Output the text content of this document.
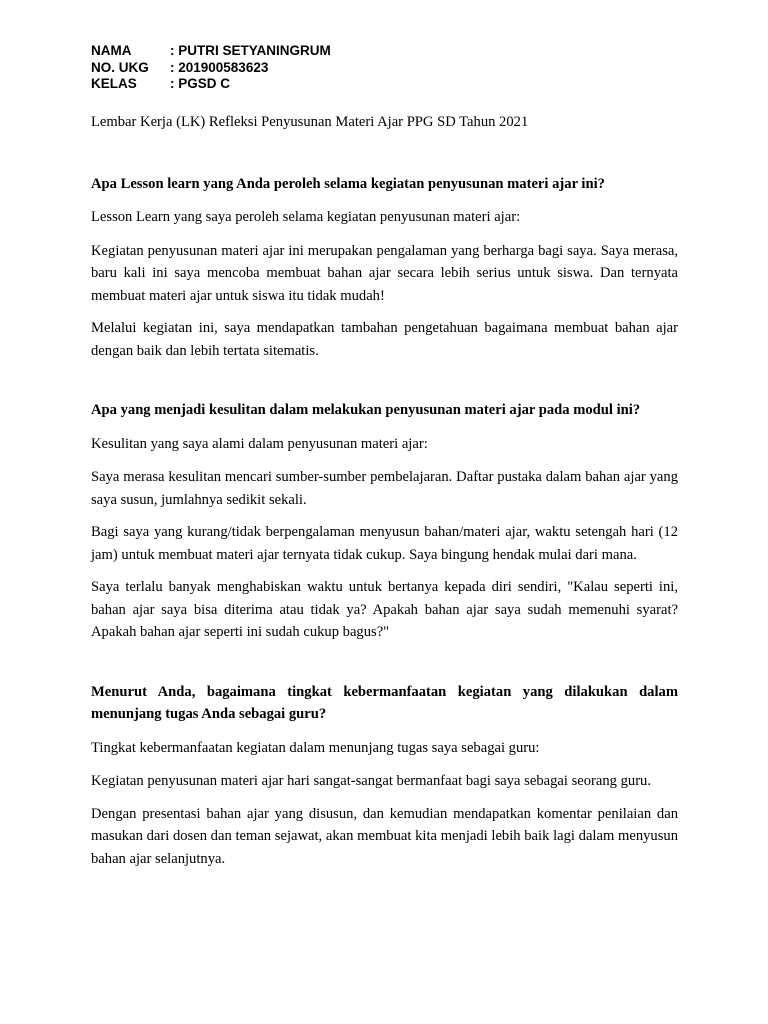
NAMA	: PUTRI SETYANINGRUM
NO. UKG	: 201900583623
KELAS	: PGSD C

Lembar Kerja (LK) Refleksi Penyusunan Materi Ajar PPG SD Tahun 2021

Apa Lesson learn yang Anda peroleh selama kegiatan penyusunan materi ajar ini?

Lesson Learn yang saya peroleh selama kegiatan penyusunan materi ajar:

Kegiatan penyusunan materi ajar ini merupakan pengalaman yang berharga bagi saya. Saya merasa, baru kali ini saya mencoba membuat bahan ajar secara lebih serius untuk siswa. Dan ternyata membuat materi ajar untuk siswa itu tidak mudah!

Melalui kegiatan ini, saya mendapatkan tambahan pengetahuan bagaimana membuat bahan ajar dengan baik dan lebih tertata sitematis.

Apa yang menjadi kesulitan dalam melakukan penyusunan materi ajar pada modul ini?

Kesulitan yang saya alami dalam penyusunan materi ajar:

Saya merasa kesulitan mencari sumber-sumber pembelajaran. Daftar pustaka dalam bahan ajar yang saya susun, jumlahnya sedikit sekali.

Bagi saya yang kurang/tidak berpengalaman menyusun bahan/materi ajar, waktu setengah hari (12 jam) untuk membuat materi ajar ternyata tidak cukup. Saya bingung hendak mulai dari mana.

Saya terlalu banyak menghabiskan waktu untuk bertanya kepada diri sendiri, "Kalau seperti ini, bahan ajar saya bisa diterima atau tidak ya? Apakah bahan ajar saya sudah memenuhi syarat? Apakah bahan ajar seperti ini sudah cukup bagus?"

Menurut Anda, bagaimana tingkat kebermanfaatan kegiatan yang dilakukan dalam menunjang tugas Anda sebagai guru?

Tingkat kebermanfaatan kegiatan dalam menunjang tugas saya sebagai guru:

Kegiatan penyusunan materi ajar hari sangat-sangat bermanfaat bagi saya sebagai seorang guru.

Dengan presentasi bahan ajar yang disusun, dan kemudian mendapatkan komentar penilaian dan masukan dari dosen dan teman sejawat, akan membuat kita menjadi lebih baik lagi dalam menyusun bahan ajar selanjutnya.
